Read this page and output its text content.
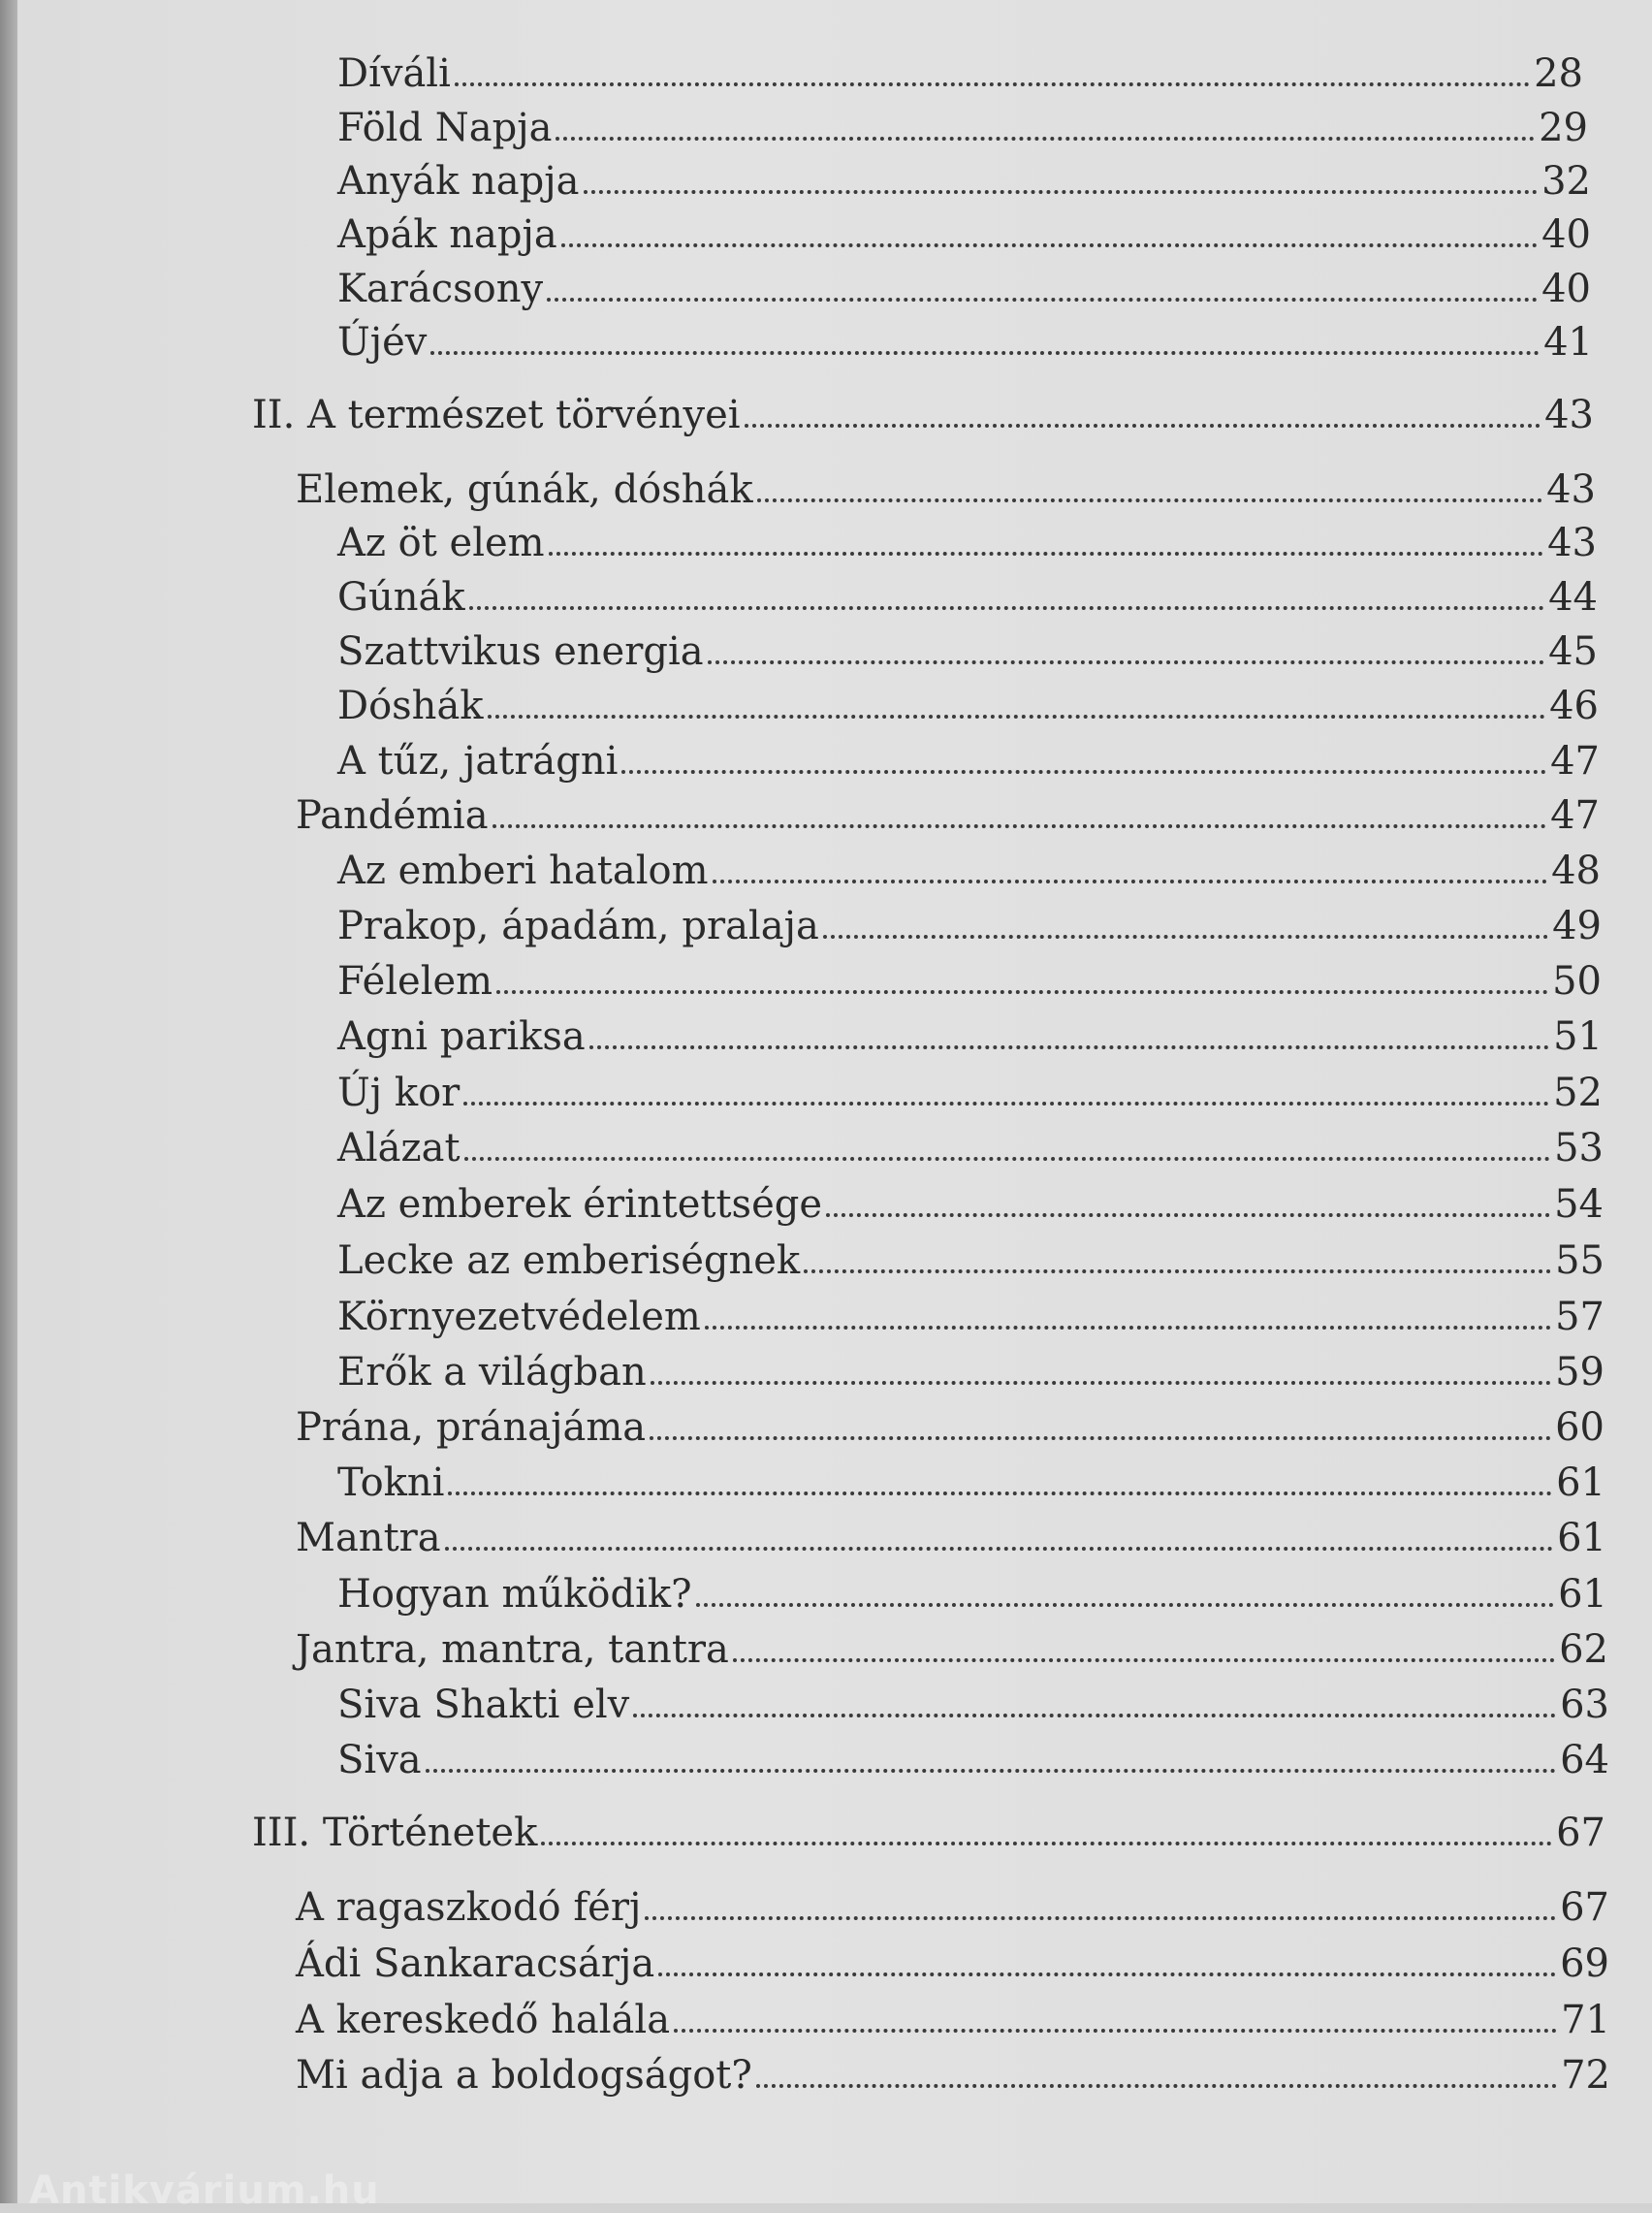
Díváli	28
Föld Napja	29
Anyák napja	32
Apák napja	40
Karácsony	40
Újév	41
II. A természet törvényei	43
Elemek, gúnák, dóshák	43
Az öt elem	43
Gúnák	44
Szattvikus energia	45
Dóshák	46
A tűz, jatrágni	47
Pandémia	47
Az emberi hatalom	48
Prakop, ápadám, pralaja	49
Félelem	50
Agni pariksa	51
Új kor	52
Alázat	53
Az emberek érintettsége	54
Lecke az emberiségnek	55
Környezetvédelem	57
Erők a világban	59
Prána, pránajáma	60
Tokni	61
Mantra	61
Hogyan működik?	61
Jantra, mantra, tantra	62
Siva Shakti elv	63
Siva	64
III. Történetek	67
A ragaszkodó férj	67
Ádi Sankaracsárja	69
A kereskedő halála	71
Mi adja a boldogságot?	72
Antikvárium.hu
